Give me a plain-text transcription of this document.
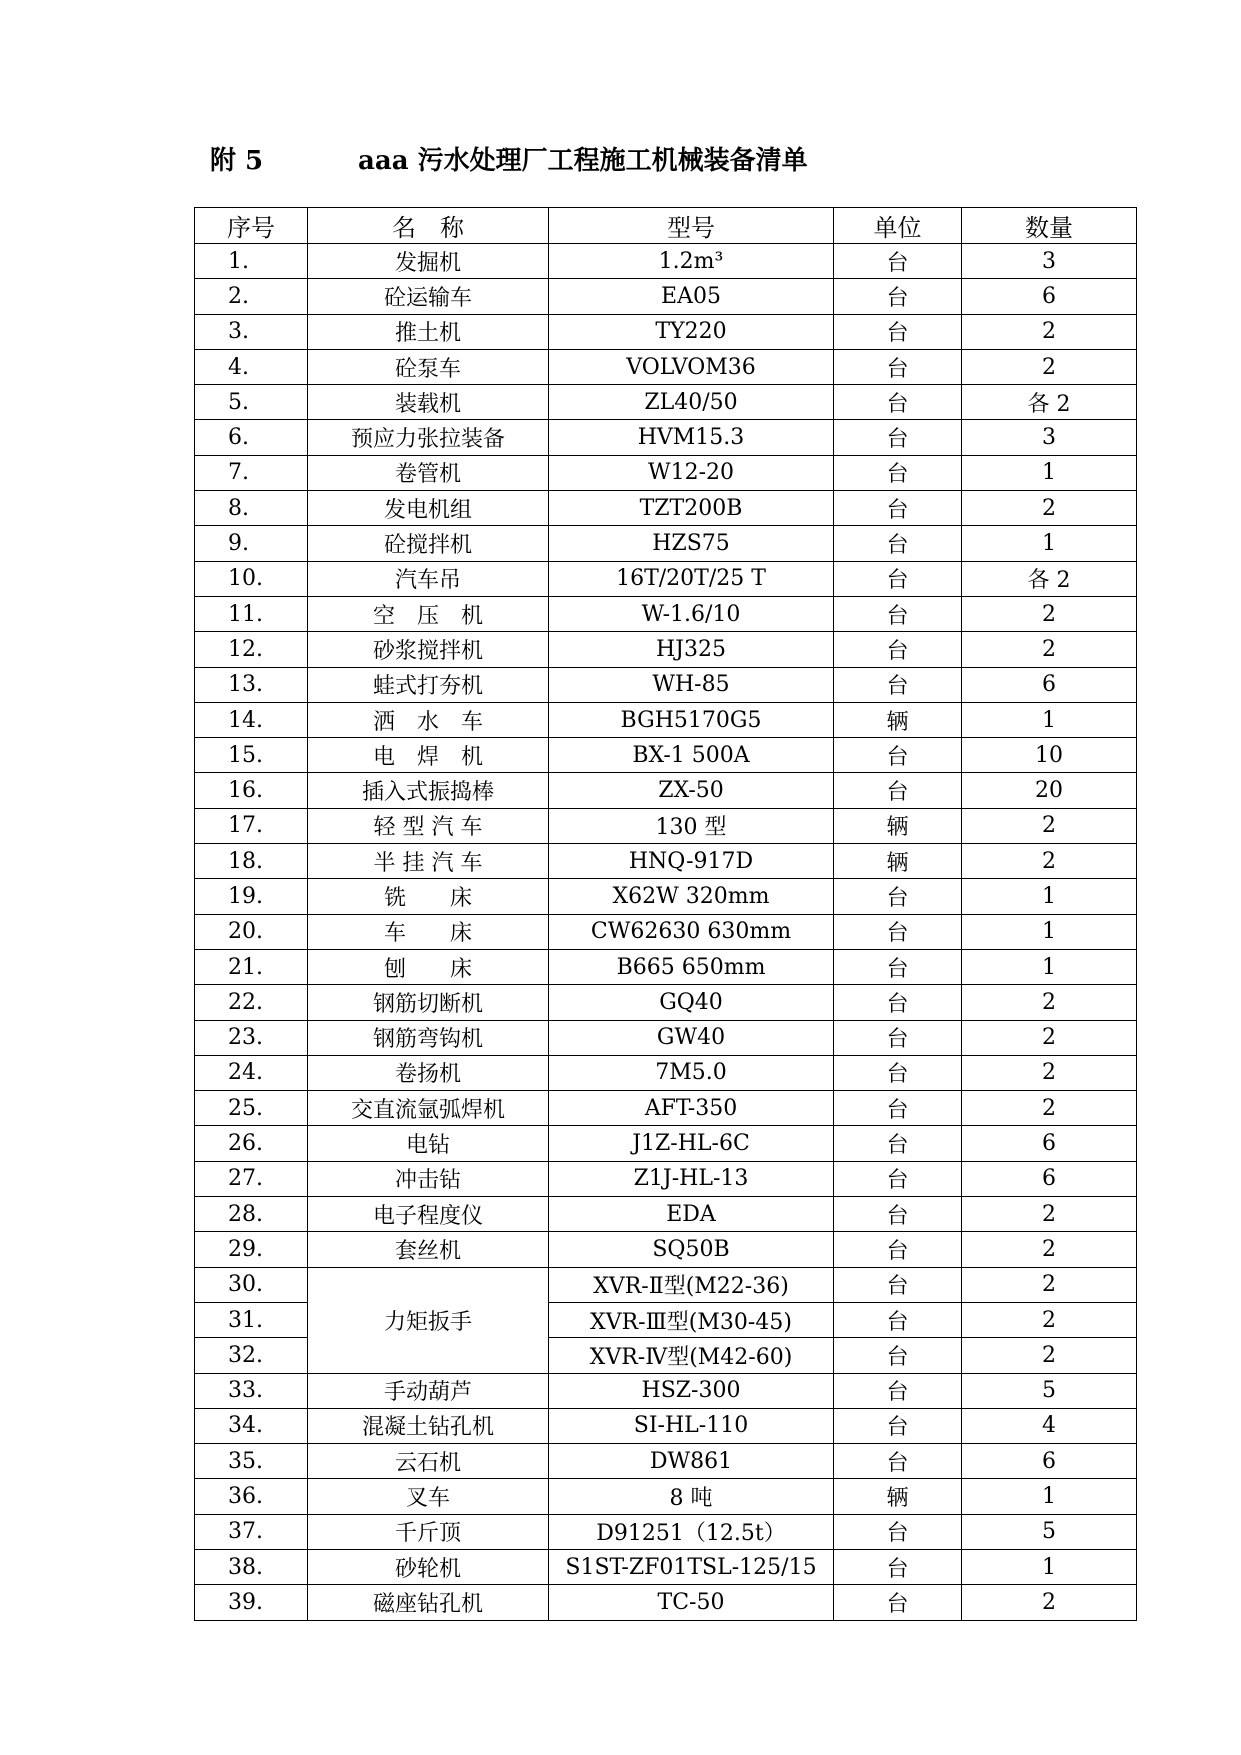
附 5	aaa 污水处理厂工程施工机械装备清单
序号	名　称	型号	单位	数量
1.	发掘机	1.2m³	台	3
2.	砼运输车	EA05	台	6
3.	推土机	TY220	台	2
4.	砼泵车	VOLVOM36	台	2
5.	装载机	ZL40/50	台	各 2
6.	预应力张拉装备	HVM15.3	台	3
7.	卷管机	W12-20	台	1
8.	发电机组	TZT200B	台	2
9.	砼搅拌机	HZS75	台	1
10.	汽车吊	16T/20T/25 T	台	各 2
11.	空　压　机	W-1.6/10	台	2
12.	砂浆搅拌机	HJ325	台	2
13.	蛙式打夯机	WH-85	台	6
14.	洒　水　车	BGH5170G5	辆	1
15.	电　焊　机	BX-1 500A	台	10
16.	插入式振捣棒	ZX-50	台	20
17.	轻 型 汽 车	130 型	辆	2
18.	半 挂 汽 车	HNQ-917D	辆	2
19.	铣　　床	X62W 320mm	台	1
20.	车　　床	CW62630 630mm	台	1
21.	刨　　床	B665 650mm	台	1
22.	钢筋切断机	GQ40	台	2
23.	钢筋弯钩机	GW40	台	2
24.	卷扬机	7M5.0	台	2
25.	交直流氩弧焊机	AFT-350	台	2
26.	电钻	J1Z-HL-6C	台	6
27.	冲击钻	Z1J-HL-13	台	6
28.	电子程度仪	EDA	台	2
29.	套丝机	SQ50B	台	2
30.	力矩扳手	XVR-Ⅱ型(M22-36)	台	2
31.		XVR-Ⅲ型(M30-45)	台	2
32.		XVR-Ⅳ型(M42-60)	台	2
33.	手动葫芦	HSZ-300	台	5
34.	混凝土钻孔机	SI-HL-110	台	4
35.	云石机	DW861	台	6
36.	叉车	8 吨	辆	1
37.	千斤顶	D91251（12.5t）	台	5
38.	砂轮机	S1ST-ZF01TSL-125/15	台	1
39.	磁座钻孔机	TC-50	台	2
